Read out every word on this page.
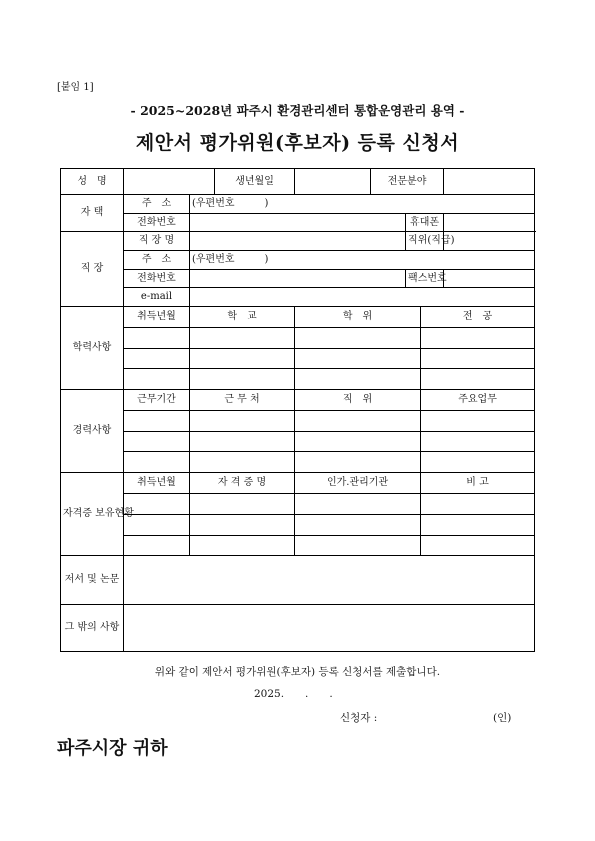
[붙임 1]
- 2025~2028년 파주시 환경관리센터 통합운영관리 용역 -
제안서 평가위원(후보자) 등록 신청서
성　명			생년월일		전문분야			
자 택	주　소	(우편번호　　　)						
	전화번호					휴대폰		
직 장	직 장 명					직위(직급)		
	주　소	(우편번호　　　)						
	전화번호					팩스번호		
	e-mail							
학력사항	취득년월	학　교		학　위			전　공	

경력사항	근무기간	근 무 처		직　위			주요업무	

자격증 보유현황	취득년월	자 격 증 명		인가.관리기관			비 고	

저서 및 논문								
그 밖의 사항								
위와 같이 제안서 평가위원(후보자) 등록 신청서를 제출합니다.
2025.　　.　　.
신청자 :	(인)
파주시장 귀하
